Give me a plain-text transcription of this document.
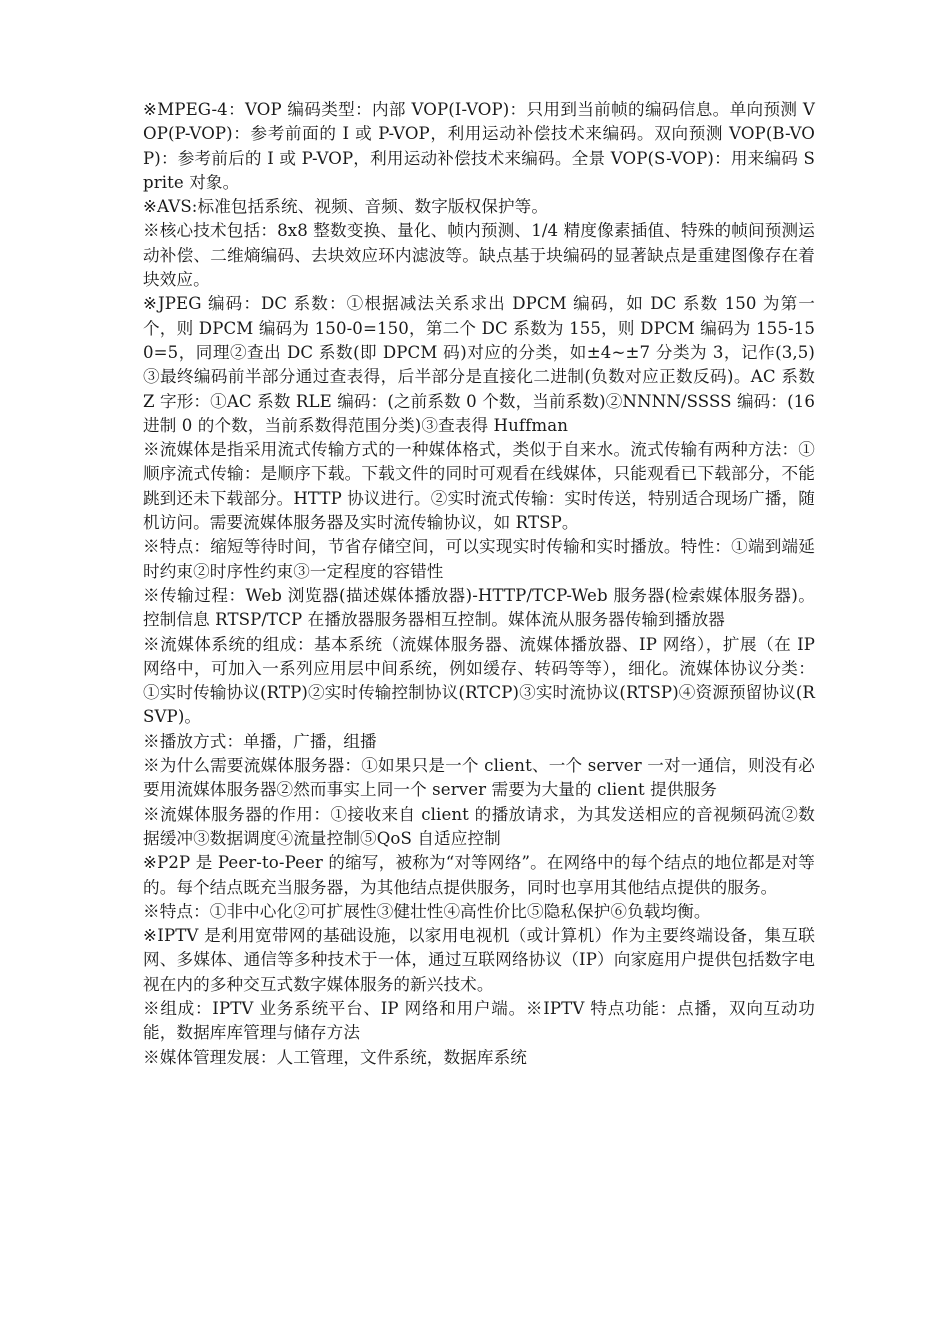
※MPEG-4：VOP 编码类型：内部 VOP(I-VOP)：只用到当前帧的编码信息。单向预测 VOP(P-VOP)：参考前面的 I 或 P-VOP，利用运动补偿技术来编码。双向预测 VOP(B-VOP)：参考前后的 I 或 P-VOP，利用运动补偿技术来编码。全景 VOP(S-VOP)：用来编码 Sprite 对象。

※AVS:标准包括系统、视频、音频、数字版权保护等。

※核心技术包括：8x8 整数变换、量化、帧内预测、1/4 精度像素插值、特殊的帧间预测运动补偿、二维熵编码、去块效应环内滤波等。缺点基于块编码的显著缺点是重建图像存在着块效应。

※JPEG 编码：DC 系数：①根据减法关系求出 DPCM 编码，如 DC 系数 150 为第一个，则 DPCM 编码为 150-0=150，第二个 DC 系数为 155，则 DPCM 编码为 155-150=5，同理②查出 DC 系数(即 DPCM 码)对应的分类，如±4~±7 分类为 3，记作(3,5)③最终编码前半部分通过查表得，后半部分是直接化二进制(负数对应正数反码)。AC 系数 Z 字形：①AC 系数 RLE 编码：(之前系数 0 个数，当前系数)②NNNN/SSSS 编码：(16 进制 0 的个数，当前系数得范围分类)③查表得 Huffman

※流媒体是指采用流式传输方式的一种媒体格式，类似于自来水。流式传输有两种方法：①顺序流式传输：是顺序下载。下载文件的同时可观看在线媒体，只能观看已下载部分，不能跳到还未下载部分。HTTP 协议进行。②实时流式传输：实时传送，特别适合现场广播，随机访问。需要流媒体服务器及实时流传输协议，如 RTSP。

※特点：缩短等待时间，节省存储空间，可以实现实时传输和实时播放。特性：①端到端延时约束②时序性约束③一定程度的容错性

※传输过程：Web 浏览器(描述媒体播放器)-HTTP/TCP-Web 服务器(检索媒体服务器)。控制信息 RTSP/TCP 在播放器服务器相互控制。媒体流从服务器传输到播放器

※流媒体系统的组成：基本系统（流媒体服务器、流媒体播放器、IP 网络），扩展（在 IP 网络中，可加入一系列应用层中间系统，例如缓存、转码等等），细化。流媒体协议分类：①实时传输协议(RTP)②实时传输控制协议(RTCP)③实时流协议(RTSP)④资源预留协议(RSVP)。

※播放方式：单播，广播，组播

※为什么需要流媒体服务器：①如果只是一个 client、一个 server 一对一通信，则没有必要用流媒体服务器②然而事实上同一个 server 需要为大量的 client 提供服务

※流媒体服务器的作用：①接收来自 client 的播放请求，为其发送相应的音视频码流②数据缓冲③数据调度④流量控制⑤QoS 自适应控制

※P2P 是 Peer-to-Peer 的缩写，被称为“对等网络”。在网络中的每个结点的地位都是对等的。每个结点既充当服务器，为其他结点提供服务，同时也享用其他结点提供的服务。

※特点：①非中心化②可扩展性③健壮性④高性价比⑤隐私保护⑥负载均衡。

※IPTV 是利用宽带网的基础设施，以家用电视机（或计算机）作为主要终端设备，集互联网、多媒体、通信等多种技术于一体，通过互联网络协议（IP）向家庭用户提供包括数字电视在内的多种交互式数字媒体服务的新兴技术。

※组成：IPTV 业务系统平台、IP 网络和用户端。※IPTV 特点功能：点播，双向互动功能，数据库库管理与储存方法

※媒体管理发展：人工管理，文件系统，数据库系统
